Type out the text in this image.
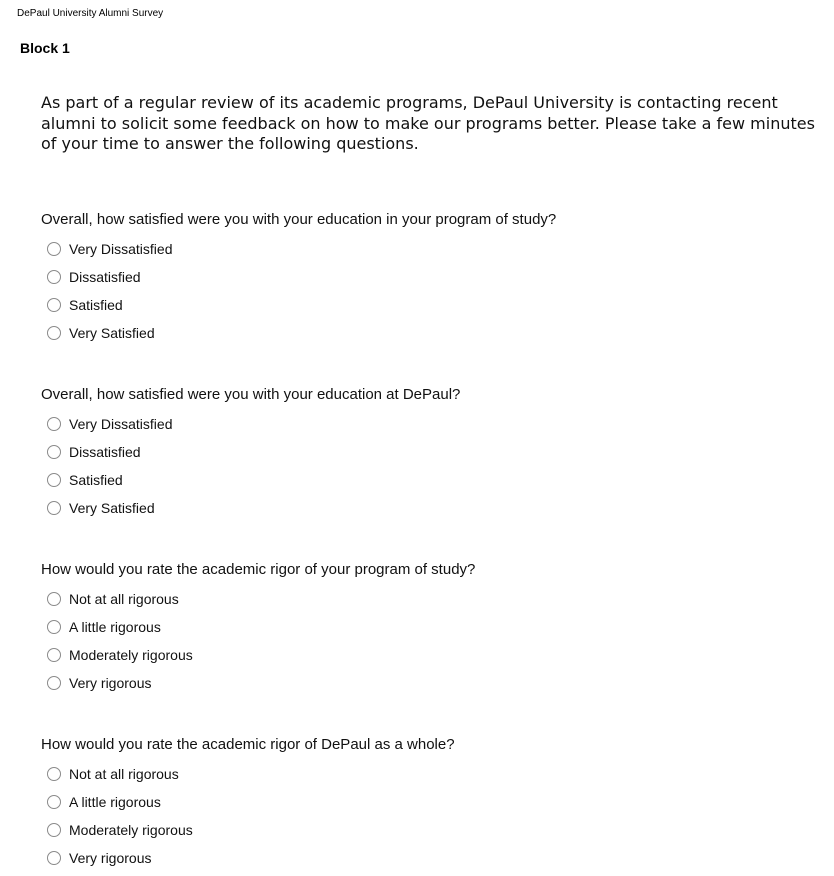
DePaul University Alumni Survey
Block 1
As part of a regular review of its academic programs, DePaul University is contacting recent alumni to solicit some feedback on how to make our programs better. Please take a few minutes of your time to answer the following questions.
Overall, how satisfied were you with your education in your program of study?
Very Dissatisfied
Dissatisfied
Satisfied
Very Satisfied
Overall, how satisfied were you with your education at DePaul?
Very Dissatisfied
Dissatisfied
Satisfied
Very Satisfied
How would you rate the academic rigor of your program of study?
Not at all rigorous
A little rigorous
Moderately rigorous
Very rigorous
How would you rate the academic rigor of DePaul as a whole?
Not at all rigorous
A little rigorous
Moderately rigorous
Very rigorous
